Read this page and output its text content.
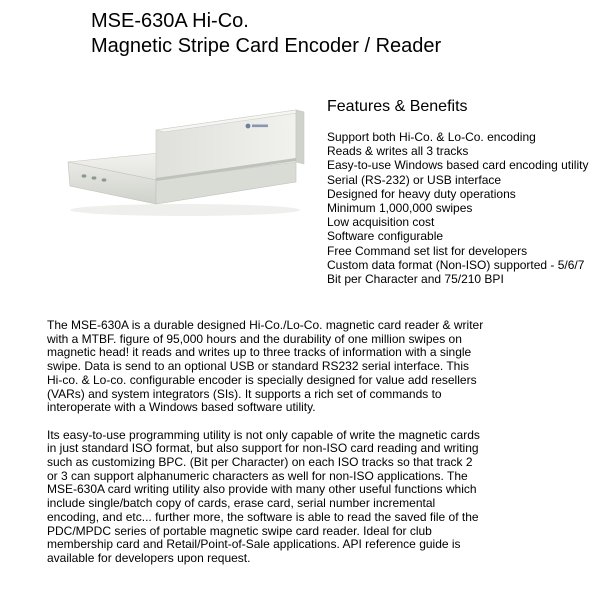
MSE-630A Hi-Co.
Magnetic Stripe Card Encoder / Reader
Features & Benefits
Support both Hi-Co. & Lo-Co. encoding
Reads & writes all 3 tracks
Easy-to-use Windows based card encoding utility
Serial (RS-232) or USB interface
Designed for heavy duty operations
Minimum 1,000,000 swipes
Low acquisition cost
Software configurable
Free Command set list for developers
Custom data format (Non-ISO) supported - 5/6/7 Bit per Character and 75/210 BPI

The MSE-630A is a durable designed Hi-Co./Lo-Co. magnetic card reader & writer
with a MTBF. figure of 95,000 hours and the durability of one million swipes on
magnetic head! it reads and writes up to three tracks of information with a single
swipe. Data is send to an optional USB or standard RS232 serial interface. This
Hi-co. & Lo-co. configurable encoder is specially designed for value add resellers
(VARs) and system integrators (SIs). It supports a rich set of commands to
interoperate with a Windows based software utility.

Its easy-to-use programming utility is not only capable of write the magnetic cards
in just standard ISO format, but also support for non-ISO card reading and writing
such as customizing BPC. (Bit per Character) on each ISO tracks so that track 2
or 3 can support alphanumeric characters as well for non-ISO applications. The
MSE-630A card writing utility also provide with many other useful functions which
include single/batch copy of cards, erase card, serial number incremental
encoding, and etc... further more, the software is able to read the saved file of the
PDC/MPDC series of portable magnetic swipe card reader. Ideal for club
membership card and Retail/Point-of-Sale applications. API reference guide is
available for developers upon request.
